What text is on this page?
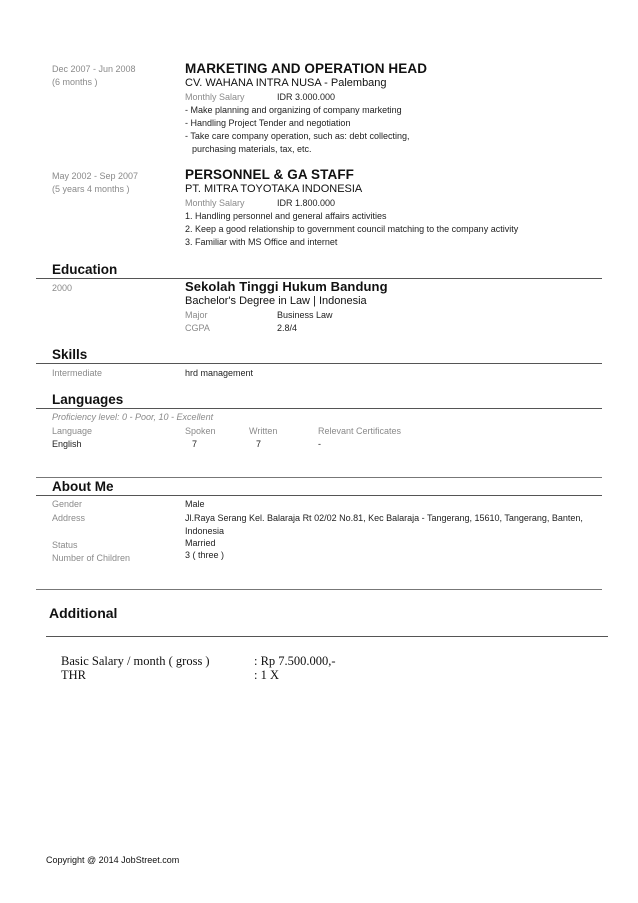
Dec 2007 - Jun 2008
(6 months )
MARKETING AND OPERATION HEAD
CV. WAHANA INTRA NUSA - Palembang
Monthly Salary	IDR 3.000.000
- Make planning and organizing of company marketing
- Handling Project Tender and negotiation
- Take care company operation, such as: debt collecting,
purchasing materials, tax, etc.
May 2002 - Sep 2007
(5 years 4 months )
PERSONNEL & GA STAFF
PT. MITRA TOYOTAKA INDONESIA
Monthly Salary	IDR 1.800.000
1. Handling personnel and general affairs activities
2. Keep a good relationship to government council matching to the company activity
3. Familiar with MS Office and internet
Education
2000	Sekolah Tinggi Hukum Bandung
Bachelor's Degree in Law | Indonesia
Major	Business Law
CGPA	2.8/4
Skills
Intermediate	hrd management
Languages
Proficiency level: 0 - Poor, 10 - Excellent
Language	Spoken	Written	Relevant Certificates
English	7	7	-
About Me
Gender	Male
Address	Jl.Raya Serang Kel. Balaraja Rt 02/02 No.81, Kec Balaraja - Tangerang, 15610, Tangerang, Banten,
Indonesia
Status	Married
Number of Children	3 ( three )
Additional
Basic Salary / month ( gross )	: Rp 7.500.000,-
THR	: 1 X
Copyright @ 2014 JobStreet.com
